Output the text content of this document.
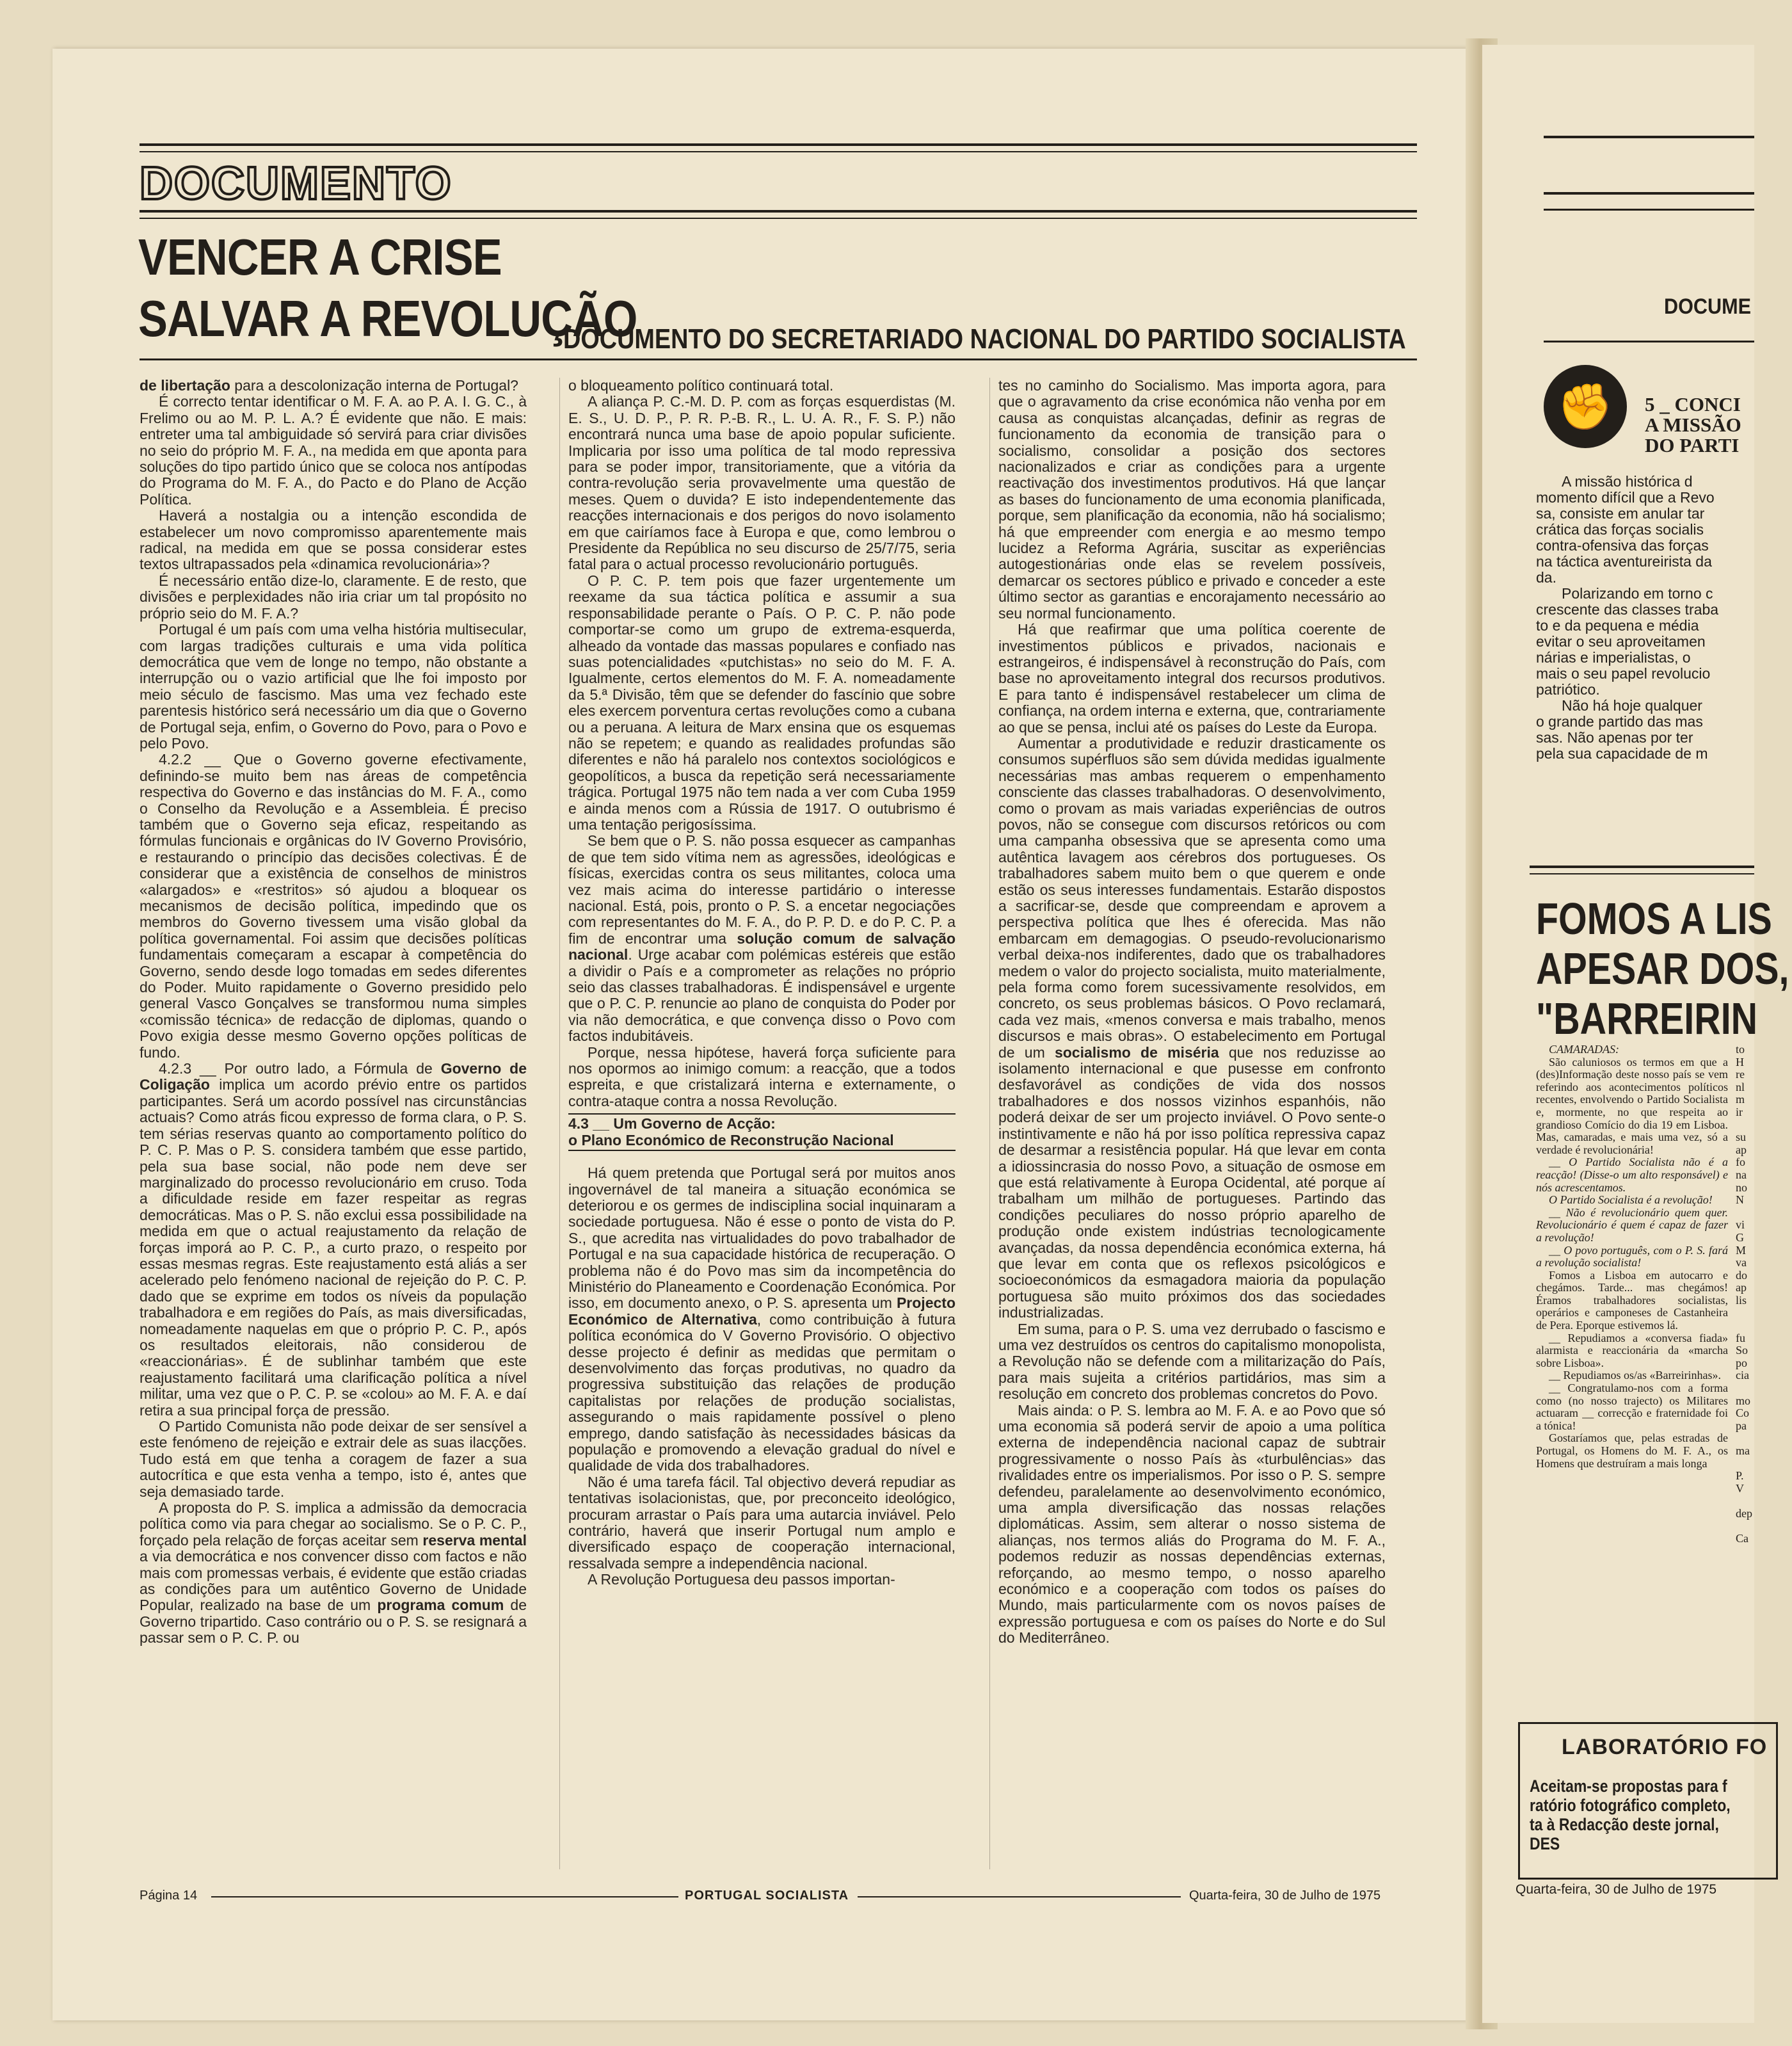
DOCUMENTO
VENCER A CRISE
SALVAR A REVOLUÇÃO
DOCUMENTO DO SECRETARIADO NACIONAL DO PARTIDO SOCIALISTA

de libertação para a descolonização interna de Portugal?

É correcto tentar identificar o M. F. A. ao P. A. I. G. C., à Frelimo ou ao M. P. L. A.? É evidente que não. E mais: entreter uma tal ambiguidade só servirá para criar divisões no seio do próprio M. F. A., na medida em que aponta para soluções do tipo partido único que se coloca nos antípodas do Programa do M. F. A., do Pacto e do Plano de Acção Política.

Haverá a nostalgia ou a intenção escondida de estabelecer um novo compromisso aparentemente mais radical, na medida em que se possa considerar estes textos ultrapassados pela «dinamica revolucionária»?

É necessário então dize-lo, claramente. E de resto, que divisões e perplexidades não iria criar um tal propósito no próprio seio do M. F. A.?

Portugal é um país com uma velha história multisecular, com largas tradições culturais e uma vida política democrática que vem de longe no tempo, não obstante a interrupção ou o vazio artificial que lhe foi imposto por meio século de fascismo. Mas uma vez fechado este parentesis histórico será necessário um dia que o Governo de Portugal seja, enfim, o Governo do Povo, para o Povo e pelo Povo.

4.2.2 __ Que o Governo governe efectivamente, definindo-se muito bem nas áreas de competência respectiva do Governo e das instâncias do M. F. A., como o Conselho da Revolução e a Assembleia. É preciso também que o Governo seja eficaz, respeitando as fórmulas funcionais e orgânicas do IV Governo Provisório, e restaurando o princípio das decisões colectivas. É de considerar que a existência de conselhos de ministros «alargados» e «restritos» só ajudou a bloquear os mecanismos de decisão política, impedindo que os membros do Governo tivessem uma visão global da política governamental. Foi assim que decisões políticas fundamentais começaram a escapar à competência do Governo, sendo desde logo tomadas em sedes diferentes do Poder. Muito rapidamente o Governo presidido pelo general Vasco Gonçalves se transformou numa simples «comissão técnica» de redacção de diplomas, quando o Povo exigia desse mesmo Governo opções políticas de fundo.

4.2.3 __ Por outro lado, a Fórmula de Governo de Coligação implica um acordo prévio entre os partidos participantes. Será um acordo possível nas circunstâncias actuais? Como atrás ficou expresso de forma clara, o P. S. tem sérias reservas quanto ao comportamento político do P. C. P. Mas o P. S. considera também que esse partido, pela sua base social, não pode nem deve ser marginalizado do processo revolucionário em cruso. Toda a dificuldade reside em fazer respeitar as regras democráticas. Mas o P. S. não exclui essa possibilidade na medida em que o actual reajustamento da relação de forças imporá ao P. C. P., a curto prazo, o respeito por essas mesmas regras. Este reajustamento está aliás a ser acelerado pelo fenómeno nacional de rejeição do P. C. P. dado que se exprime em todos os níveis da população trabalhadora e em regiões do País, as mais diversificadas, nomeadamente naquelas em que o próprio P. C. P., após os resultados eleitorais, não considerou de «reaccionárias». É de sublinhar também que este reajustamento facilitará uma clarificação política a nível militar, uma vez que o P. C. P. se «colou» ao M. F. A. e daí retira a sua principal força de pressão.

O Partido Comunista não pode deixar de ser sensível a este fenómeno de rejeição e extrair dele as suas ilacções. Tudo está em que tenha a coragem de fazer a sua autocrítica e que esta venha a tempo, isto é, antes que seja demasiado tarde.

A proposta do P. S. implica a admissão da democracia política como via para chegar ao socialismo. Se o P. C. P., forçado pela relação de forças aceitar sem reserva mental a via democrática e nos convencer disso com factos e não mais com promessas verbais, é evidente que estão criadas as condições para um autêntico Governo de Unidade Popular, realizado na base de um programa comum de Governo tripartido. Caso contrário ou o P. S. se resignará a passar sem o P. C. P. ou

o bloqueamento político continuará total.

A aliança P. C.-M. D. P. com as forças esquerdistas (M. E. S., U. D. P., P. R. P.-B. R., L. U. A. R., F. S. P.) não encontrará nunca uma base de apoio popular suficiente. Implicaria por isso uma política de tal modo repressiva para se poder impor, transitoriamente, que a vitória da contra-revolução seria provavelmente uma questão de meses. Quem o duvida? E isto independentemente das reacções internacionais e dos perigos do novo isolamento em que cairíamos face à Europa e que, como lembrou o Presidente da República no seu discurso de 25/7/75, seria fatal para o actual processo revolucionário português.

O P. C. P. tem pois que fazer urgentemente um reexame da sua táctica política e assumir a sua responsabilidade perante o País. O P. C. P. não pode comportar-se como um grupo de extrema-esquerda, alheado da vontade das massas populares e confiado nas suas potencialidades «putchistas» no seio do M. F. A. Igualmente, certos elementos do M. F. A. nomeadamente da 5.ª Divisão, têm que se defender do fascínio que sobre eles exercem porventura certas revoluções como a cubana ou a peruana. A leitura de Marx ensina que os esquemas não se repetem; e quando as realidades profundas são diferentes e não há paralelo nos contextos sociológicos e geopolíticos, a busca da repetição será necessariamente trágica. Portugal 1975 não tem nada a ver com Cuba 1959 e ainda menos com a Rússia de 1917. O outubrismo é uma tentação perigosíssima.

Se bem que o P. S. não possa esquecer as campanhas de que tem sido vítima nem as agressões, ideológicas e físicas, exercidas contra os seus militantes, coloca uma vez mais acima do interesse partidário o interesse nacional. Está, pois, pronto o P. S. a encetar negociações com representantes do M. F. A., do P. P. D. e do P. C. P. a fim de encontrar uma solução comum de salvação nacional. Urge acabar com polémicas estéreis que estão a dividir o País e a comprometer as relações no próprio seio das classes trabalhadoras. É indispensável e urgente que o P. C. P. renuncie ao plano de conquista do Poder por via não democrática, e que convença disso o Povo com factos indubitáveis.

Porque, nessa hipótese, haverá força suficiente para nos opormos ao inimigo comum: a reacção, que a todos espreita, e que cristalizará interna e externamente, o contra-ataque contra a nossa Revolução.

4.3 __ Um Governo de Acção:
o Plano Económico de Reconstrução Nacional

Há quem pretenda que Portugal será por muitos anos ingovernável de tal maneira a situação económica se deteriorou e os germes de indisciplina social inquinaram a sociedade portuguesa. Não é esse o ponto de vista do P. S., que acredita nas virtualidades do povo trabalhador de Portugal e na sua capacidade histórica de recuperação. O problema não é do Povo mas sim da incompetência do Ministério do Planeamento e Coordenação Económica. Por isso, em documento anexo, o P. S. apresenta um Projecto Económico de Alternativa, como contribuição à futura política económica do V Governo Provisório. O objectivo desse projecto é definir as medidas que permitam o desenvolvimento das forças produtivas, no quadro da progressiva substituição das relações de produção capitalistas por relações de produção socialistas, assegurando o mais rapidamente possível o pleno emprego, dando satisfação às necessidades básicas da população e promovendo a elevação gradual do nível e qualidade de vida dos trabalhadores.

Não é uma tarefa fácil. Tal objectivo deverá repudiar as tentativas isolacionistas, que, por preconceito ideológico, procuram arrastar o País para uma autarcia inviável. Pelo contrário, haverá que inserir Portugal num amplo e diversificado espaço de cooperação internacional, ressalvada sempre a independência nacional.

A Revolução Portuguesa deu passos importan-

tes no caminho do Socialismo. Mas importa agora, para que o agravamento da crise económica não venha por em causa as conquistas alcançadas, definir as regras de funcionamento da economia de transição para o socialismo, consolidar a posição dos sectores nacionalizados e criar as condições para a urgente reactivação dos investimentos produtivos. Há que lançar as bases do funcionamento de uma economia planificada, porque, sem planificação da economia, não há socialismo; há que empreender com energia e ao mesmo tempo lucidez a Reforma Agrária, suscitar as experiências autogestionárias onde elas se revelem possíveis, demarcar os sectores público e privado e conceder a este último sector as garantias e encorajamento necessário ao seu normal funcionamento.

Há que reafirmar que uma política coerente de investimentos públicos e privados, nacionais e estrangeiros, é indispensável à reconstrução do País, com base no aproveitamento integral dos recursos produtivos. E para tanto é indispensável restabelecer um clima de confiança, na ordem interna e externa, que, contrariamente ao que se pensa, inclui até os países do Leste da Europa.

Aumentar a produtividade e reduzir drasticamente os consumos supérfluos são sem dúvida medidas igualmente necessárias mas ambas requerem o empenhamento consciente das classes trabalhadoras. O desenvolvimento, como o provam as mais variadas experiências de outros povos, não se consegue com discursos retóricos ou com uma campanha obsessiva que se apresenta como uma autêntica lavagem aos cérebros dos portugueses. Os trabalhadores sabem muito bem o que querem e onde estão os seus interesses fundamentais. Estarão dispostos a sacrificar-se, desde que compreendam e aprovem a perspectiva política que lhes é oferecida. Mas não embarcam em demagogias. O pseudo-revolucionarismo verbal deixa-nos indiferentes, dado que os trabalhadores medem o valor do projecto socialista, muito materialmente, pela forma como forem sucessivamente resolvidos, em concreto, os seus problemas básicos. O Povo reclamará, cada vez mais, «menos conversa e mais trabalho, menos discursos e mais obras». O estabelecimento em Portugal de um socialismo de miséria que nos reduzisse ao isolamento internacional e que pusesse em confronto desfavorável as condições de vida dos nossos trabalhadores e dos nossos vizinhos espanhóis, não poderá deixar de ser um projecto inviável. O Povo sente-o instintivamente e não há por isso política repressiva capaz de desarmar a resistência popular. Há que levar em conta a idiossincrasia do nosso Povo, a situação de osmose em que está relativamente à Europa Ocidental, até porque aí trabalham um milhão de portugueses. Partindo das condições peculiares do nosso próprio aparelho de produção onde existem indústrias tecnologicamente avançadas, da nossa dependência económica externa, há que levar em conta que os reflexos psicológicos e socioeconómicos da esmagadora maioria da população portuguesa são muito próximos dos das sociedades industrializadas.

Em suma, para o P. S. uma vez derrubado o fascismo e uma vez destruídos os centros do capitalismo monopolista, a Revolução não se defende com a militarização do País, para mais sujeita a critérios partidários, mas sim a resolução em concreto dos problemas concretos do Povo.

Mais ainda: o P. S. lembra ao M. F. A. e ao Povo que só uma economia sã poderá servir de apoio a uma política externa de independência nacional capaz de subtrair progressivamente o nosso País às «turbulências» das rivalidades entre os imperialismos. Por isso o P. S. sempre defendeu, paralelamente ao desenvolvimento económico, uma ampla diversificação das nossas relações diplomáticas. Assim, sem alterar o nosso sistema de alianças, nos termos aliás do Programa do M. F. A., podemos reduzir as nossas dependências externas, reforçando, ao mesmo tempo, o nosso aparelho económico e a cooperação com todos os países do Mundo, mais particularmente com os novos países de expressão portuguesa e com os países do Norte e do Sul do Mediterrâneo.

Página 14	PORTUGAL SOCIALISTA	Quarta-feira, 30 de Julho de 1975
DOCUME
✊	5 _ CONCI
A MISSÃO
DO PARTI

A missão histórica d

momento difícil que a Revo

sa, consiste em anular tar

crática das forças socialis

contra-ofensiva das forças

na táctica aventureirista da

da.

Polarizando em torno c

crescente das classes traba

to e da pequena e média

evitar o seu aproveitamen

nárias e imperialistas, o

mais o seu papel revolucio

patriótico.

Não há hoje qualquer

o grande partido das mas

sas. Não apenas por ter

pela sua capacidade de m

FOMOS A LIS
APESAR DOS,
"BARREIRIN

CAMARADAS:

São caluniosos os termos em que a (des)Informação deste nosso país se vem referindo aos acontecimentos políticos recentes, envolvendo o Partido Socialista e, mormente, no que respeita ao grandioso Comício do dia 19 em Lisboa. Mas, camaradas, e mais uma vez, só a verdade é revolucionária!

__ O Partido Socialista não é a reacção! (Disse-o um alto responsável) e nós acrescentamos.

O Partido Socialista é a revolução!

__ Não é revolucionário quem quer. Revolucionário é quem é capaz de fazer a revolução!

__ O povo português, com o P. S. fará a revolução socialista!

Fomos a Lisboa em autocarro e chegámos. Tarde... mas chegámos! Éramos trabalhadores socialistas, operários e camponeses de Castanheira de Pera. Eporque estivemos lá.

__ Repudiamos a «conversa fiada» alarmista e reaccionária da «marcha sobre Lisboa».

__ Repudiamos os/as «Barreirinhas».

__ Congratulamo-nos com a forma como (no nosso trajecto) os Militares actuaram __ correcção e fraternidade foi a tónica!

Gostaríamos que, pelas estradas de Portugal, os Homens do M. F. A., os Homens que destruíram a mais longa

to
H
re
nl
m
ir

su
ap
fo
na
no
N

vi
G
M
va
do
ap
lis

fu
So
po
cia

mo
Co
pa

ma

P.
V

dep

Ca
LABORATÓRIO FO
Aceitam-se propostas para f
ratório fotográfico completo,
ta à Redacção deste jornal,
DES
Quarta-feira, 30 de Julho de 1975
